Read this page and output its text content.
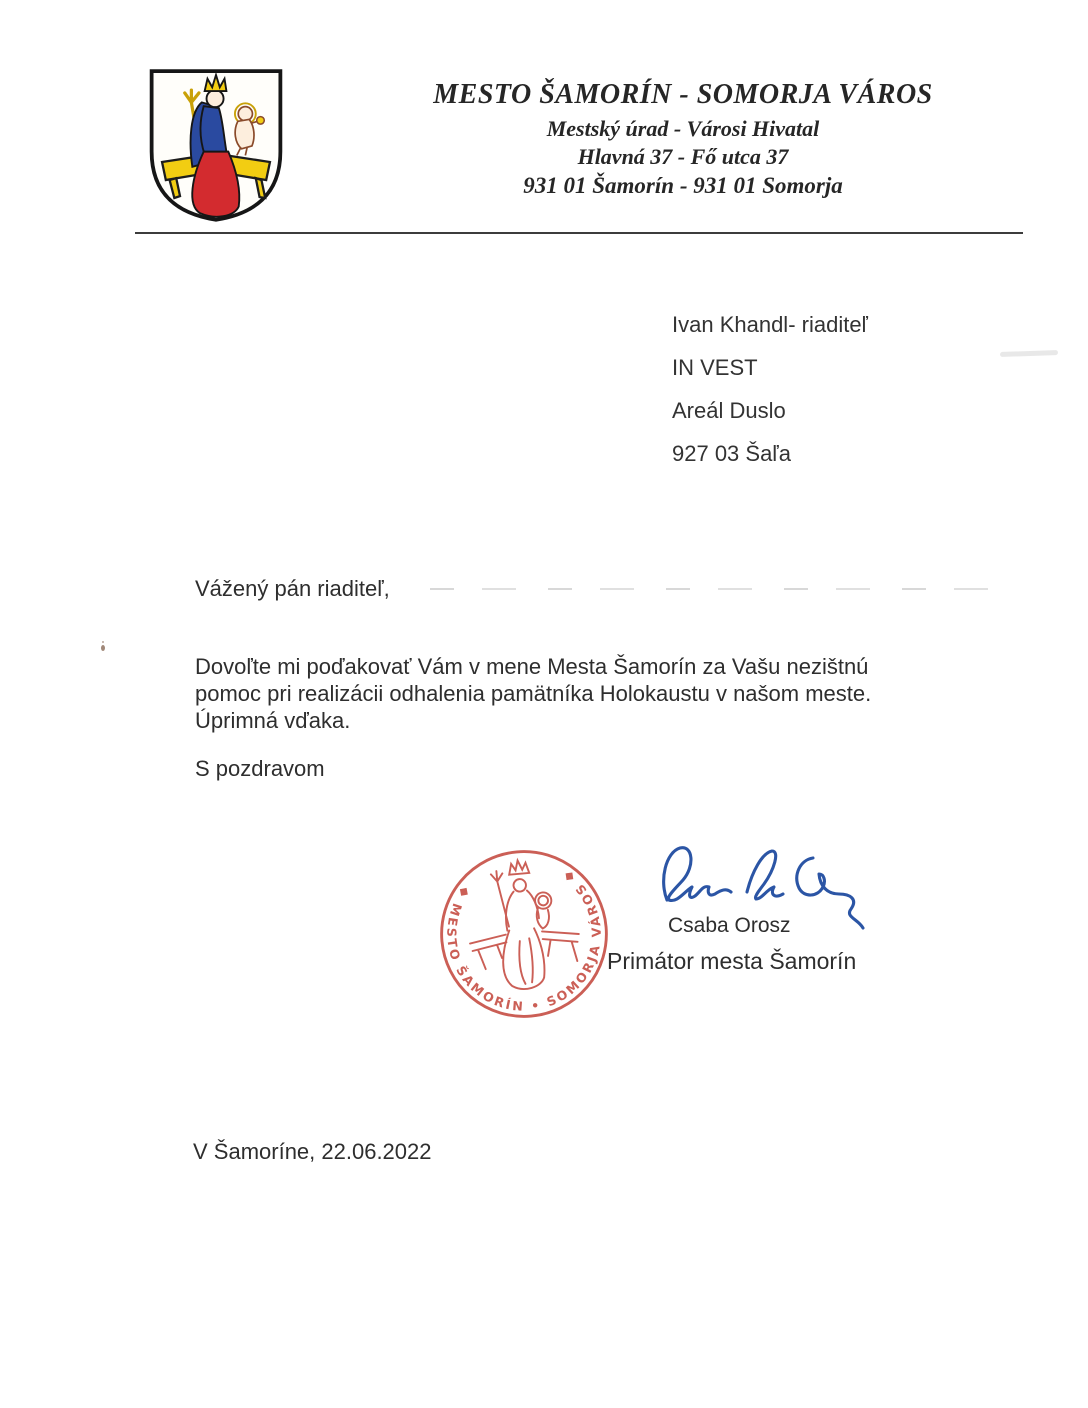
MESTO ŠAMORÍN - SOMORJA VÁROS
Mestský úrad - Városi Hivatal
Hlavná 37 - Fő utca 37
931 01 Šamorín - 931 01 Somorja
Ivan Khandl- riaditeľ
IN VEST
Areál Duslo
927 03 Šaľa
Vážený pán riaditeľ,
Dovoľte mi poďakovať Vám v mene Mesta Šamorín za Vašu nezištnú pomoc pri realizácii odhalenia pamätníka Holokaustu v našom meste. Úprimná vďaka.
S pozdravom
◆ MESTO ŠAMORÍN • SOMORJA VÁROS ◆
Csaba Orosz
Primátor mesta Šamorín
V Šamoríne, 22.06.2022
